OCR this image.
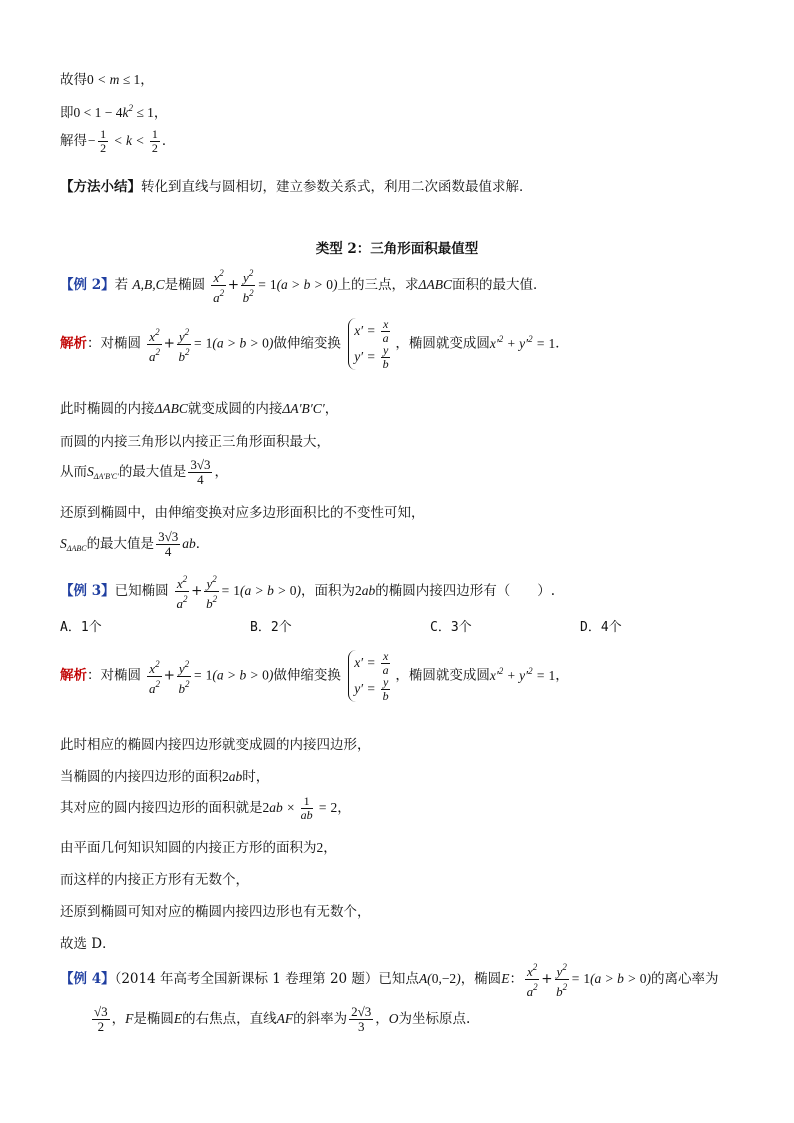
故得0 < m ≤ 1，
即$0 < 1 - 4k^2 \le 1$，
解得− $\frac{1}{2} < k < \frac{1}{2}$ ．
【方法小结】转化到直线与圆相切，建立参数关系式，利用二次函数最值求解．
类型 2：三角形面积最值型
【例 2】若 A,B,C是椭圆 $\frac{x^2}{a^2} + \frac{y^2}{b^2} = 1(a > b > 0)$上的三点，求ΔABC面积的最大值．
解析：对椭圆 $\frac{x^2}{a^2} + \frac{y^2}{b^2} = 1(a > b > 0)$做伸缩变换
$x' = \frac{x}{a}$
$y' = \frac{y}{b}$
，椭圆就变成圆$x'^2 + y'^2 = 1$．
此时椭圆的内接ΔABC就变成圆的内接ΔA′B′C′，
而圆的内接三角形以内接正三角形面积最大，
从而$S_{\Delta A'B'C'}$的最大值是 $\frac{3√3}{4}$ ，
还原到椭圆中，由伸缩变换对应多边形面积比的不变性可知，
$S_{\Delta ABC}$的最大值是 $\frac{3√3}{4}$ ab．
【例 3】已知椭圆 $\frac{x^2}{a^2} + \frac{y^2}{b^2} = 1(a > b > 0)$，面积为2ab的椭圆内接四边形有（　　）.
A．1个	B．2个	C．3个	D．4个
解析：对椭圆 $\frac{x^2}{a^2} + \frac{y^2}{b^2} = 1(a > b > 0)$做伸缩变换
$x' = \frac{x}{a}$
$y' = \frac{y}{b}$
，椭圆就变成圆$x'^2 + y'^2 = 1$，
此时相应的椭圆内接四边形就变成圆的内接四边形，
当椭圆的内接四边形的面积2ab时，
其对应的圆内接四边形的面积就是$2ab \times \frac{1}{ab} = 2$，
由平面几何知识知圆的内接正方形的面积为2，
而这样的内接正方形有无数个，
还原到椭圆可知对应的椭圆内接四边形也有无数个，
故选 D．
【例 4】（2014 年高考全国新课标 1 卷理第 20 题）已知点A(0,−2)，椭圆E： $\frac{x^2}{a^2} + \frac{y^2}{b^2} = 1(a > b > 0)$的离心率为
$\frac{√3}{2}$ ，F是椭圆E的右焦点，直线AF的斜率为 $\frac{2√3}{3}$ ，O为坐标原点.
